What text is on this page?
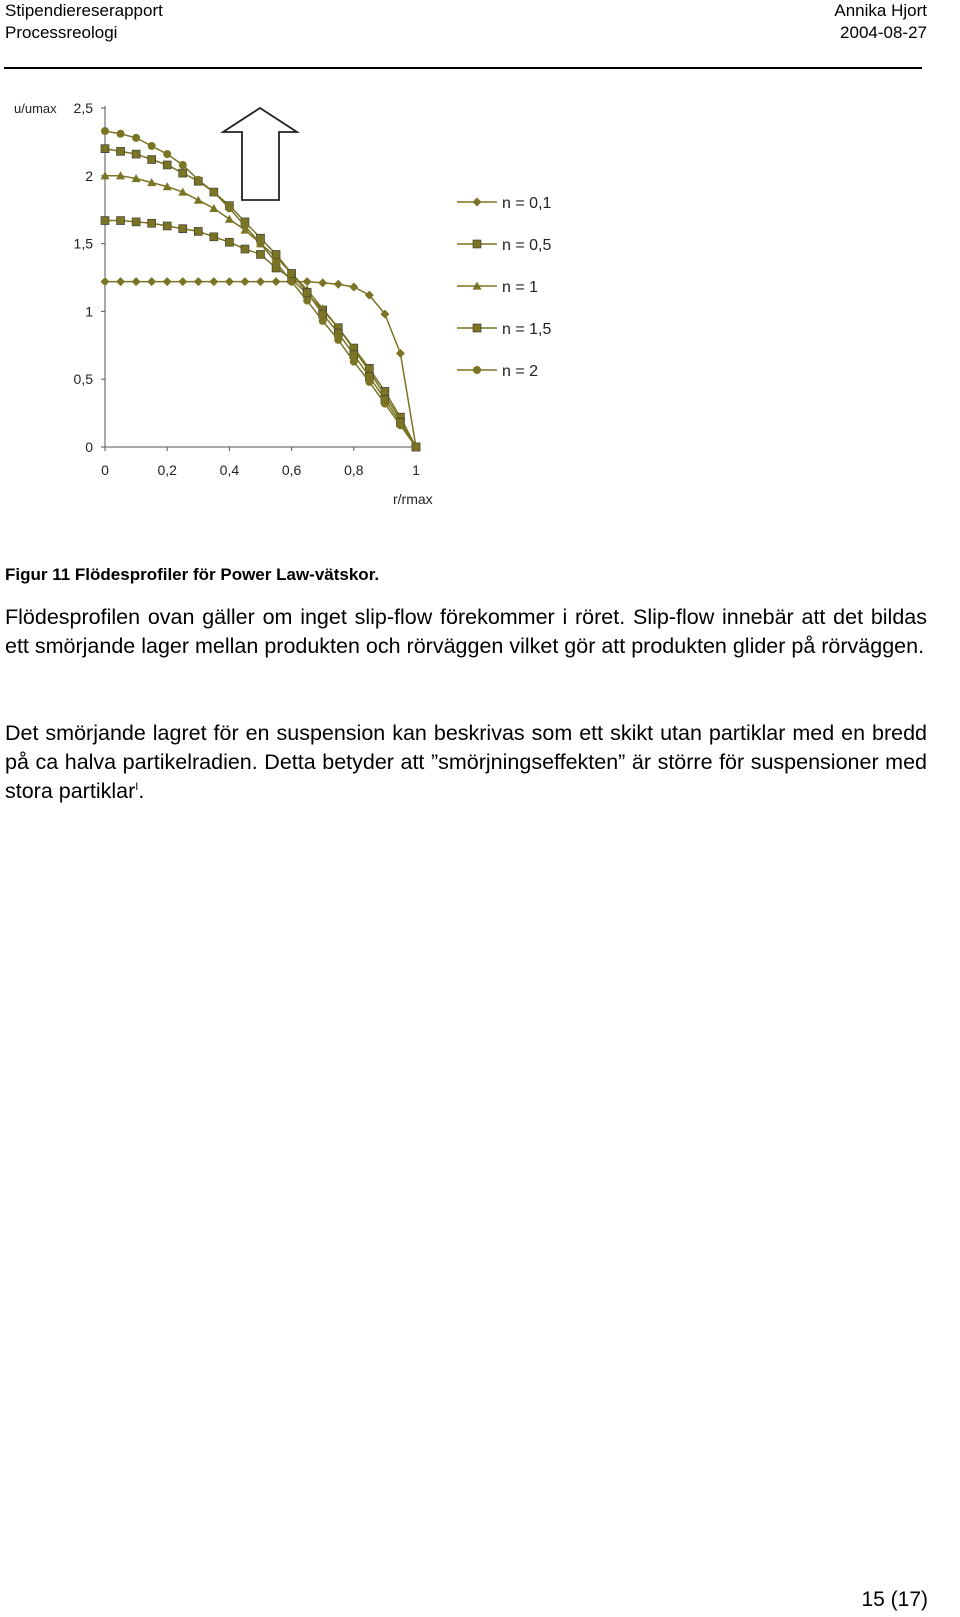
Stipendiereserapport
Processreologi
Annika Hjort
2004-08-27
0	0,2	0,4	0,6	0,8	1
0
0,5
1
1,5
2
2,5
u/umax
r/rmax
n = 0,1
n = 0,5
n = 1
n = 1,5
n = 2
Figur 11 Flödesprofiler för Power Law-vätskor.
Flödesprofilen ovan gäller om inget slip-flow förekommer i röret. Slip-flow innebär att det bildas ett smörjande lager mellan produkten och rörväggen vilket gör att produkten glider på rörväggen.
Det smörjande lagret för en suspension kan beskrivas som ett skikt utan partiklar med en bredd på ca halva partikelradien. Detta betyder att ”smörjningseffekten” är större för suspensioner med stora partiklar$^I$.
15 (17)
